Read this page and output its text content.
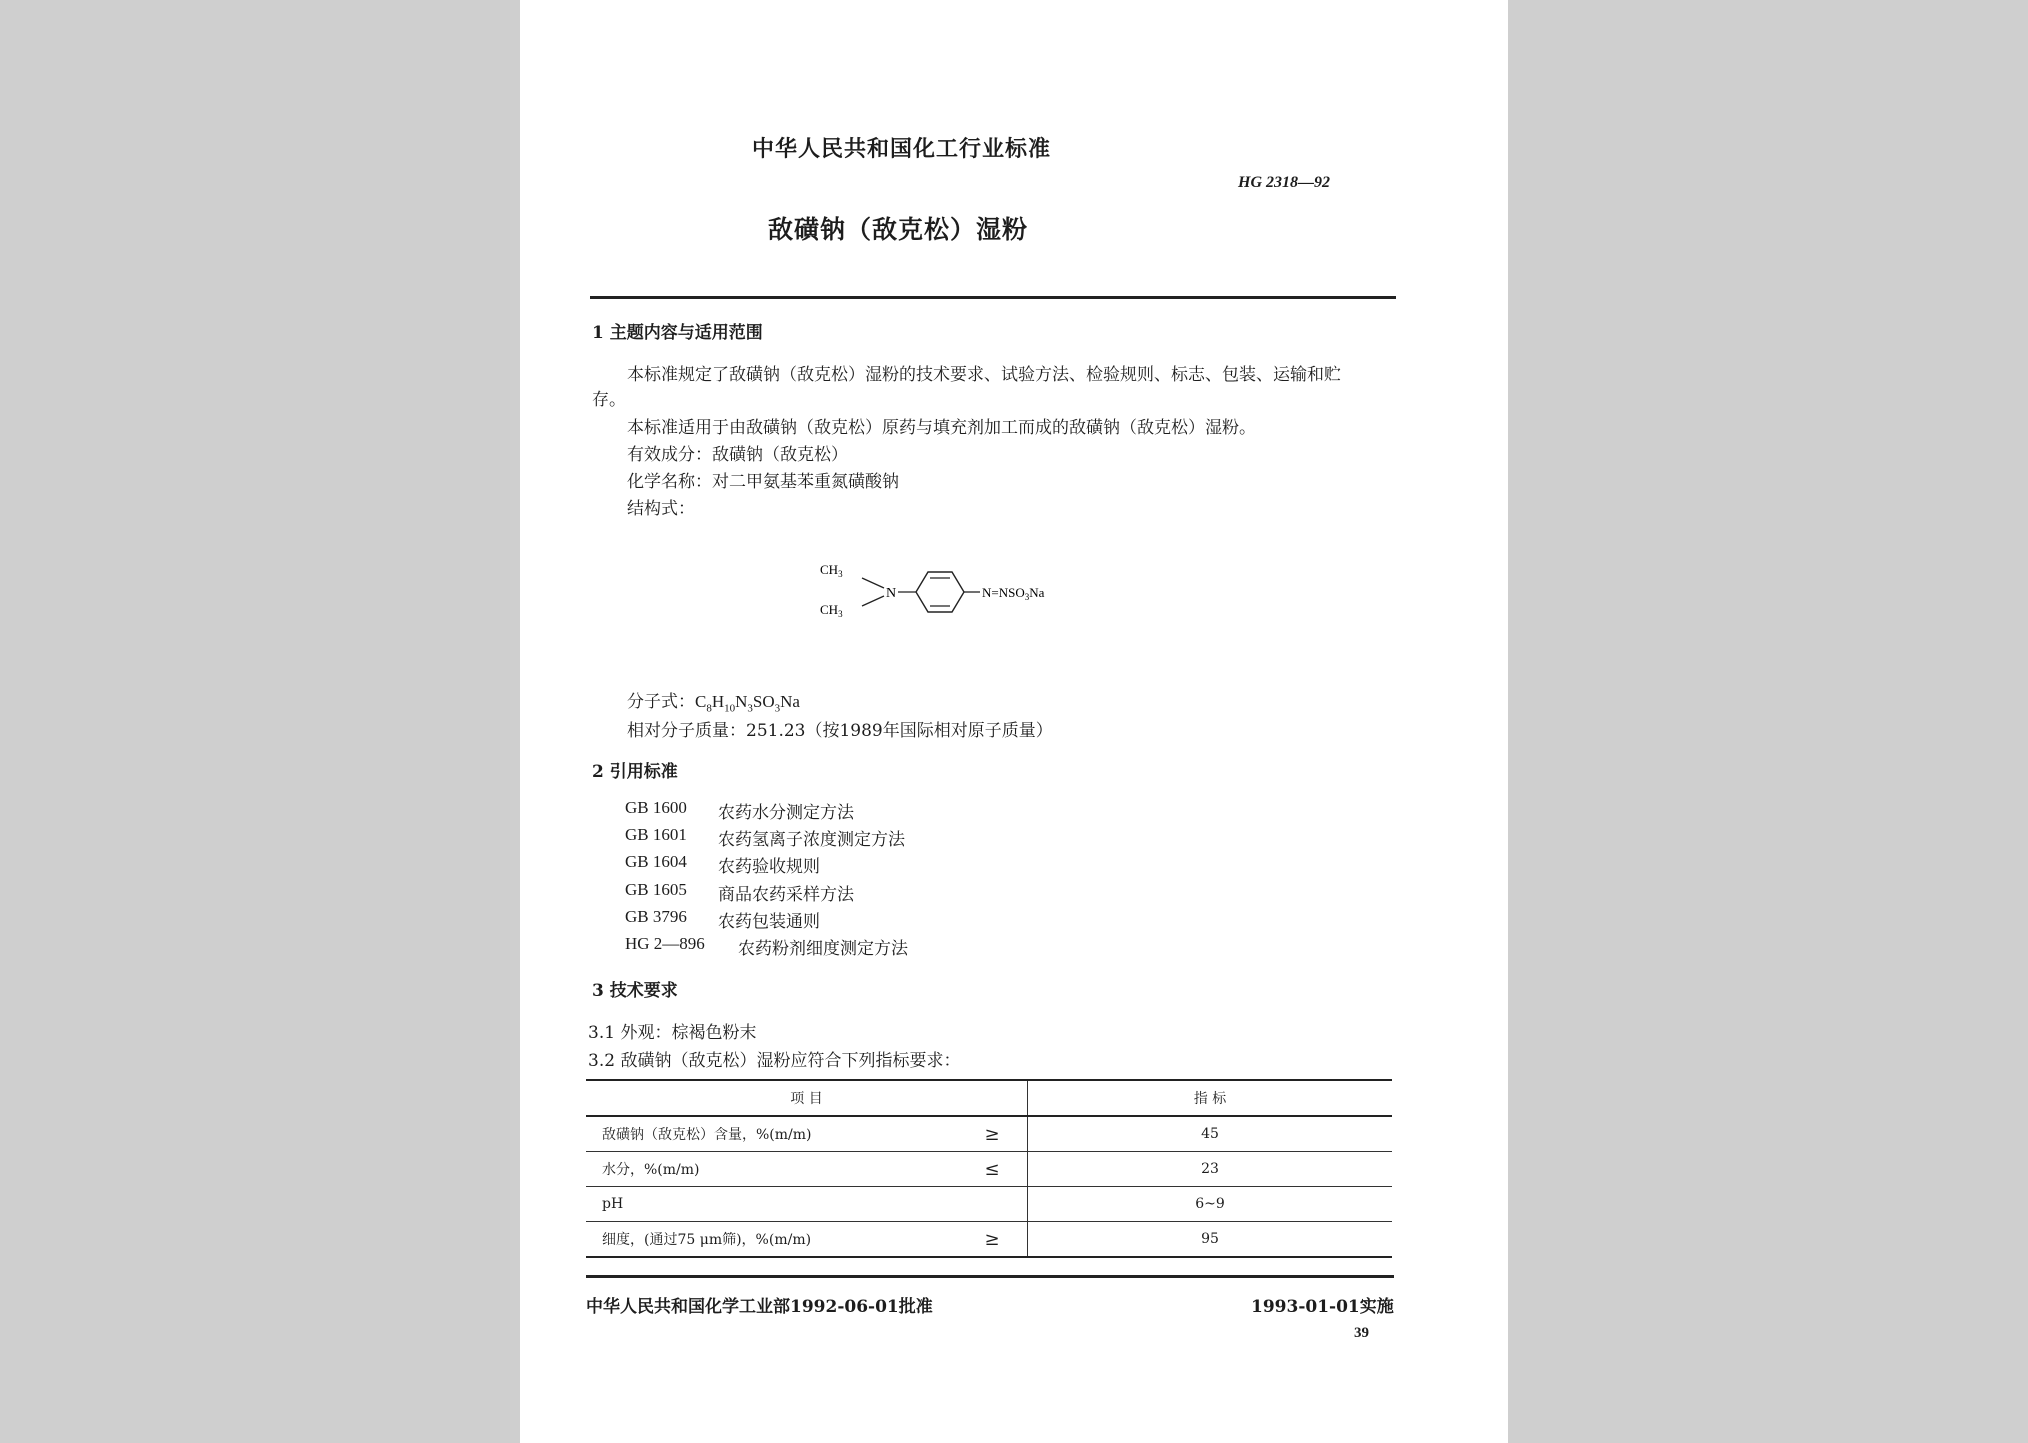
中华人民共和国化工行业标准
HG 2318—92
敌磺钠（敌克松）湿粉
1 主题内容与适用范围
本标准规定了敌磺钠（敌克松）湿粉的技术要求、试验方法、检验规则、标志、包装、运输和贮
存。
本标准适用于由敌磺钠（敌克松）原药与填充剂加工而成的敌磺钠（敌克松）湿粉。
有效成分：敌磺钠（敌克松）
化学名称：对二甲氨基苯重氮磺酸钠
结构式：
$CH_3$
$CH_3$
N	$N=NSO_3Na$
分子式：$C_8H_{10}N_3SO_3Na$
相对分子质量：251.23（按1989年国际相对原子质量）
2 引用标准
GB 1600 农药水分测定方法
GB 1601 农药氢离子浓度测定方法
GB 1604 农药验收规则
GB 1605 商品农药采样方法
GB 3796 农药包装通则
HG 2—896 农药粉剂细度测定方法
3 技术要求
3.1 外观：棕褐色粉末
3.2 敌磺钠（敌克松）湿粉应符合下列指标要求：
项 目		指 标
敌磺钠（敌克松）含量，%(m/m)	≥	45
水分，%(m/m)	≤	23
pH		6~9
细度，(通过75 μm筛)，%(m/m)	≥	95
中华人民共和国化学工业部1992-06-01批准	1993-01-01实施
39
